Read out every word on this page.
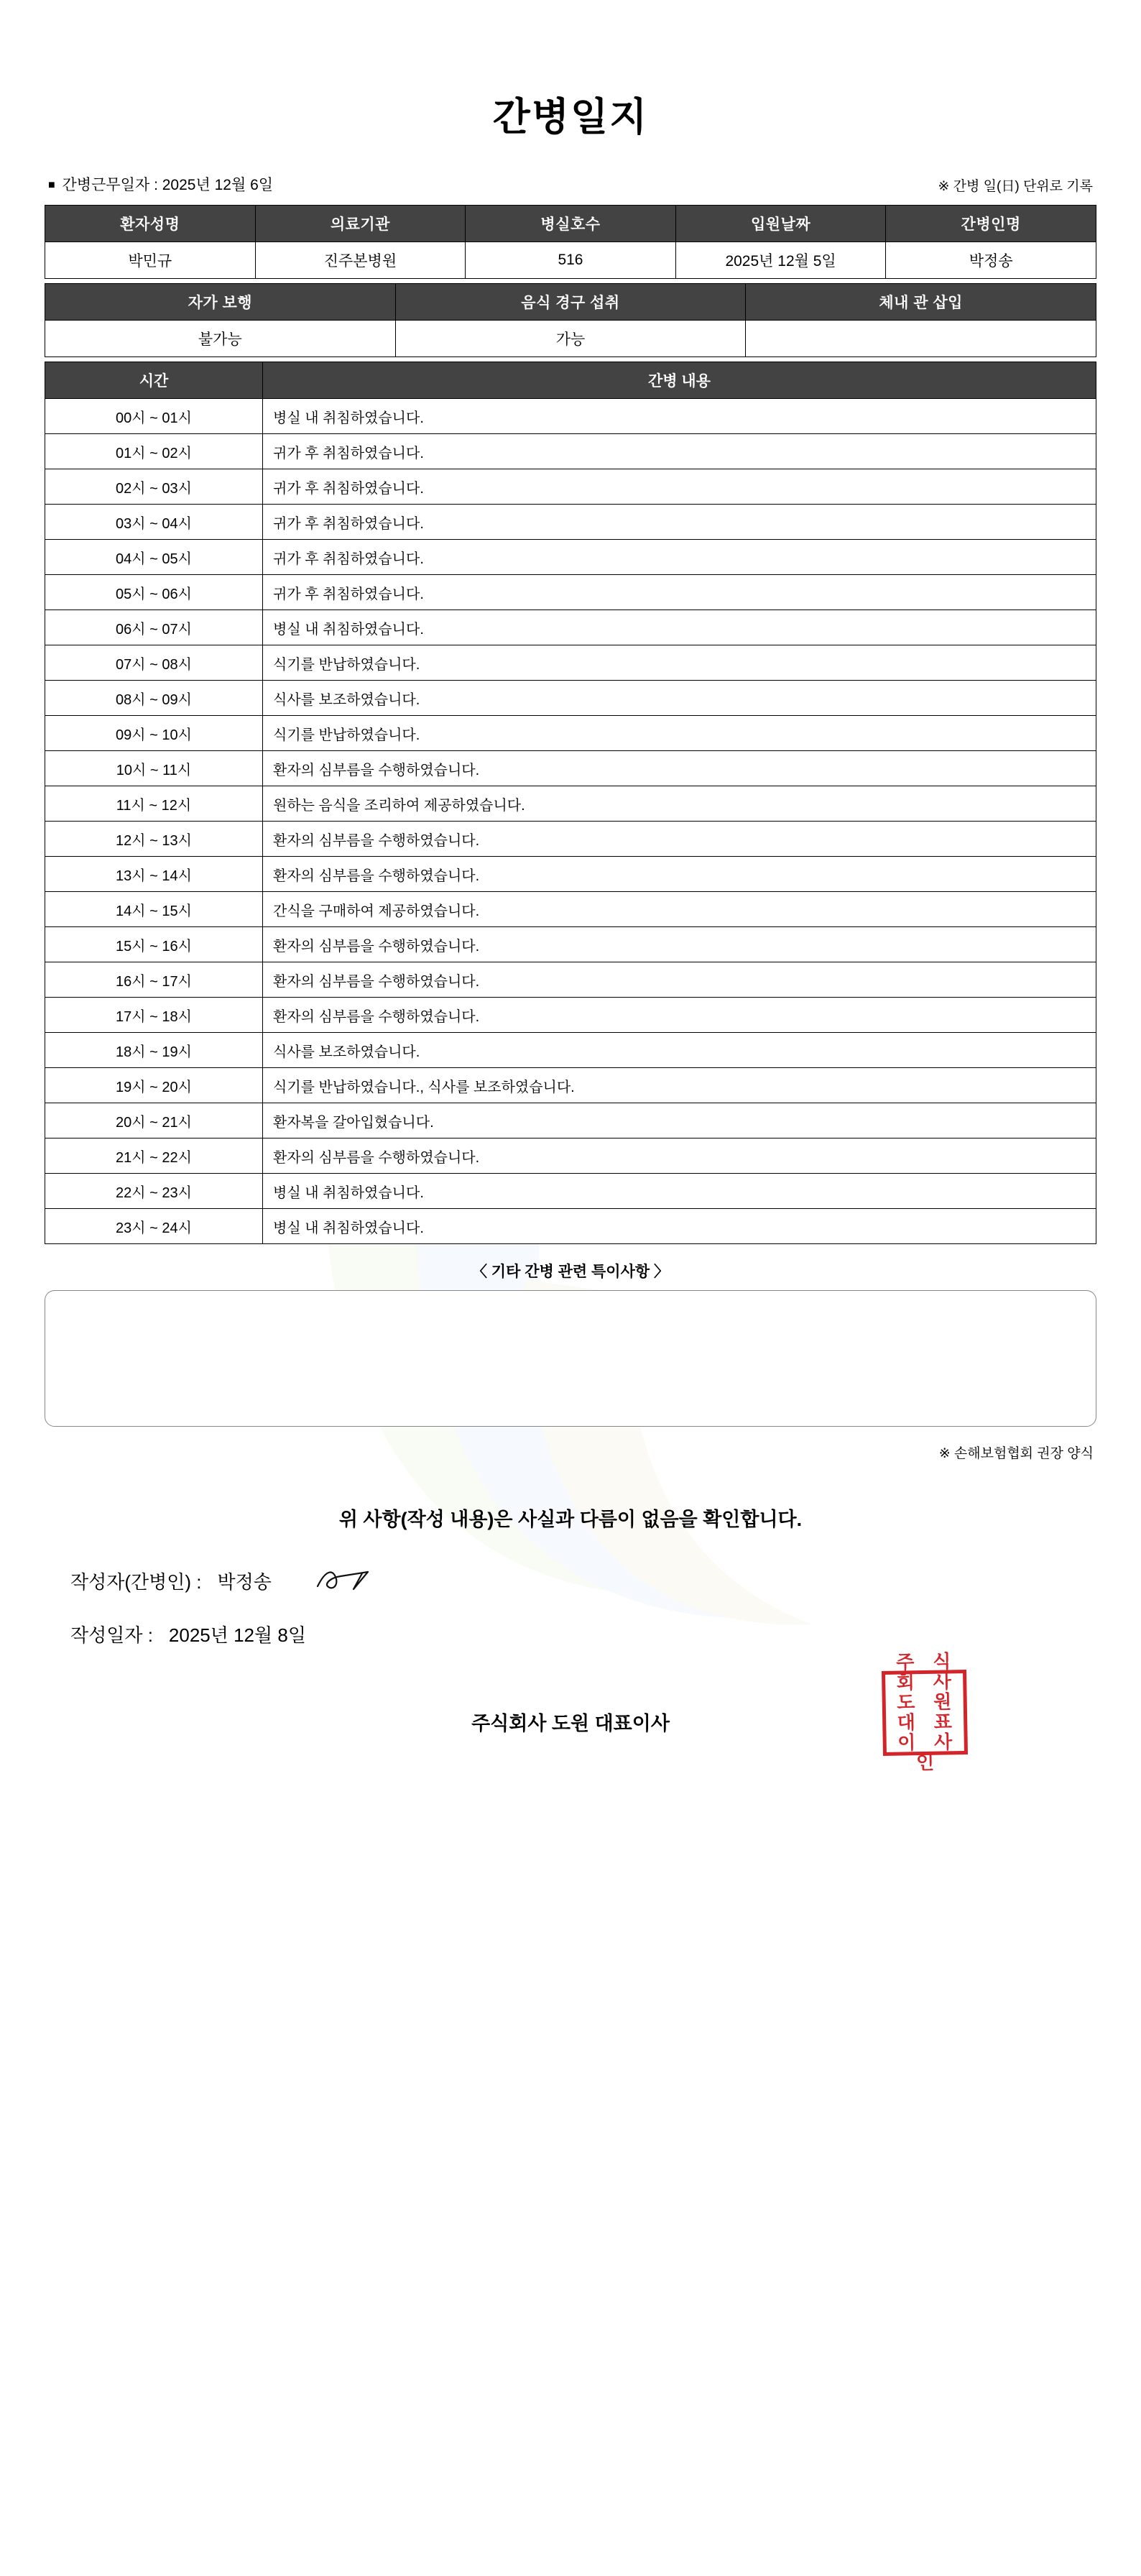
간병일지
■ 간병근무일자 : 2025년 12월 6일	※ 간병 일(日) 단위로 기록
환자성명	의료기관	병실호수	입원날짜	간병인명
박민규	진주본병원	516	2025년 12월 5일	박정송
자가 보행	음식 경구 섭취	체내 관 삽입
불가능	가능	
시간	간병 내용
00시 ~ 01시	병실 내 취침하였습니다.
01시 ~ 02시	귀가 후 취침하였습니다.
02시 ~ 03시	귀가 후 취침하였습니다.
03시 ~ 04시	귀가 후 취침하였습니다.
04시 ~ 05시	귀가 후 취침하였습니다.
05시 ~ 06시	귀가 후 취침하였습니다.
06시 ~ 07시	병실 내 취침하였습니다.
07시 ~ 08시	식기를 반납하였습니다.
08시 ~ 09시	식사를 보조하였습니다.
09시 ~ 10시	식기를 반납하였습니다.
10시 ~ 11시	환자의 심부름을 수행하였습니다.
11시 ~ 12시	원하는 음식을 조리하여 제공하였습니다.
12시 ~ 13시	환자의 심부름을 수행하였습니다.
13시 ~ 14시	환자의 심부름을 수행하였습니다.
14시 ~ 15시	간식을 구매하여 제공하였습니다.
15시 ~ 16시	환자의 심부름을 수행하였습니다.
16시 ~ 17시	환자의 심부름을 수행하였습니다.
17시 ~ 18시	환자의 심부름을 수행하였습니다.
18시 ~ 19시	식사를 보조하였습니다.
19시 ~ 20시	식기를 반납하였습니다., 식사를 보조하였습니다.
20시 ~ 21시	환자복을 갈아입혔습니다.
21시 ~ 22시	환자의 심부름을 수행하였습니다.
22시 ~ 23시	병실 내 취침하였습니다.
23시 ~ 24시	병실 내 취침하였습니다.
〈 기타 간병 관련 특이사항 〉
※ 손해보험협회 권장 양식
위 사항(작성 내용)은 사실과 다름이 없음을 확인합니다.
작성자(간병인) : 박정송
작성일자 : 2025년 12월 8일
주식회사 도원 대표이사
주 식
회 사
도 원
대 표
이 사
인
